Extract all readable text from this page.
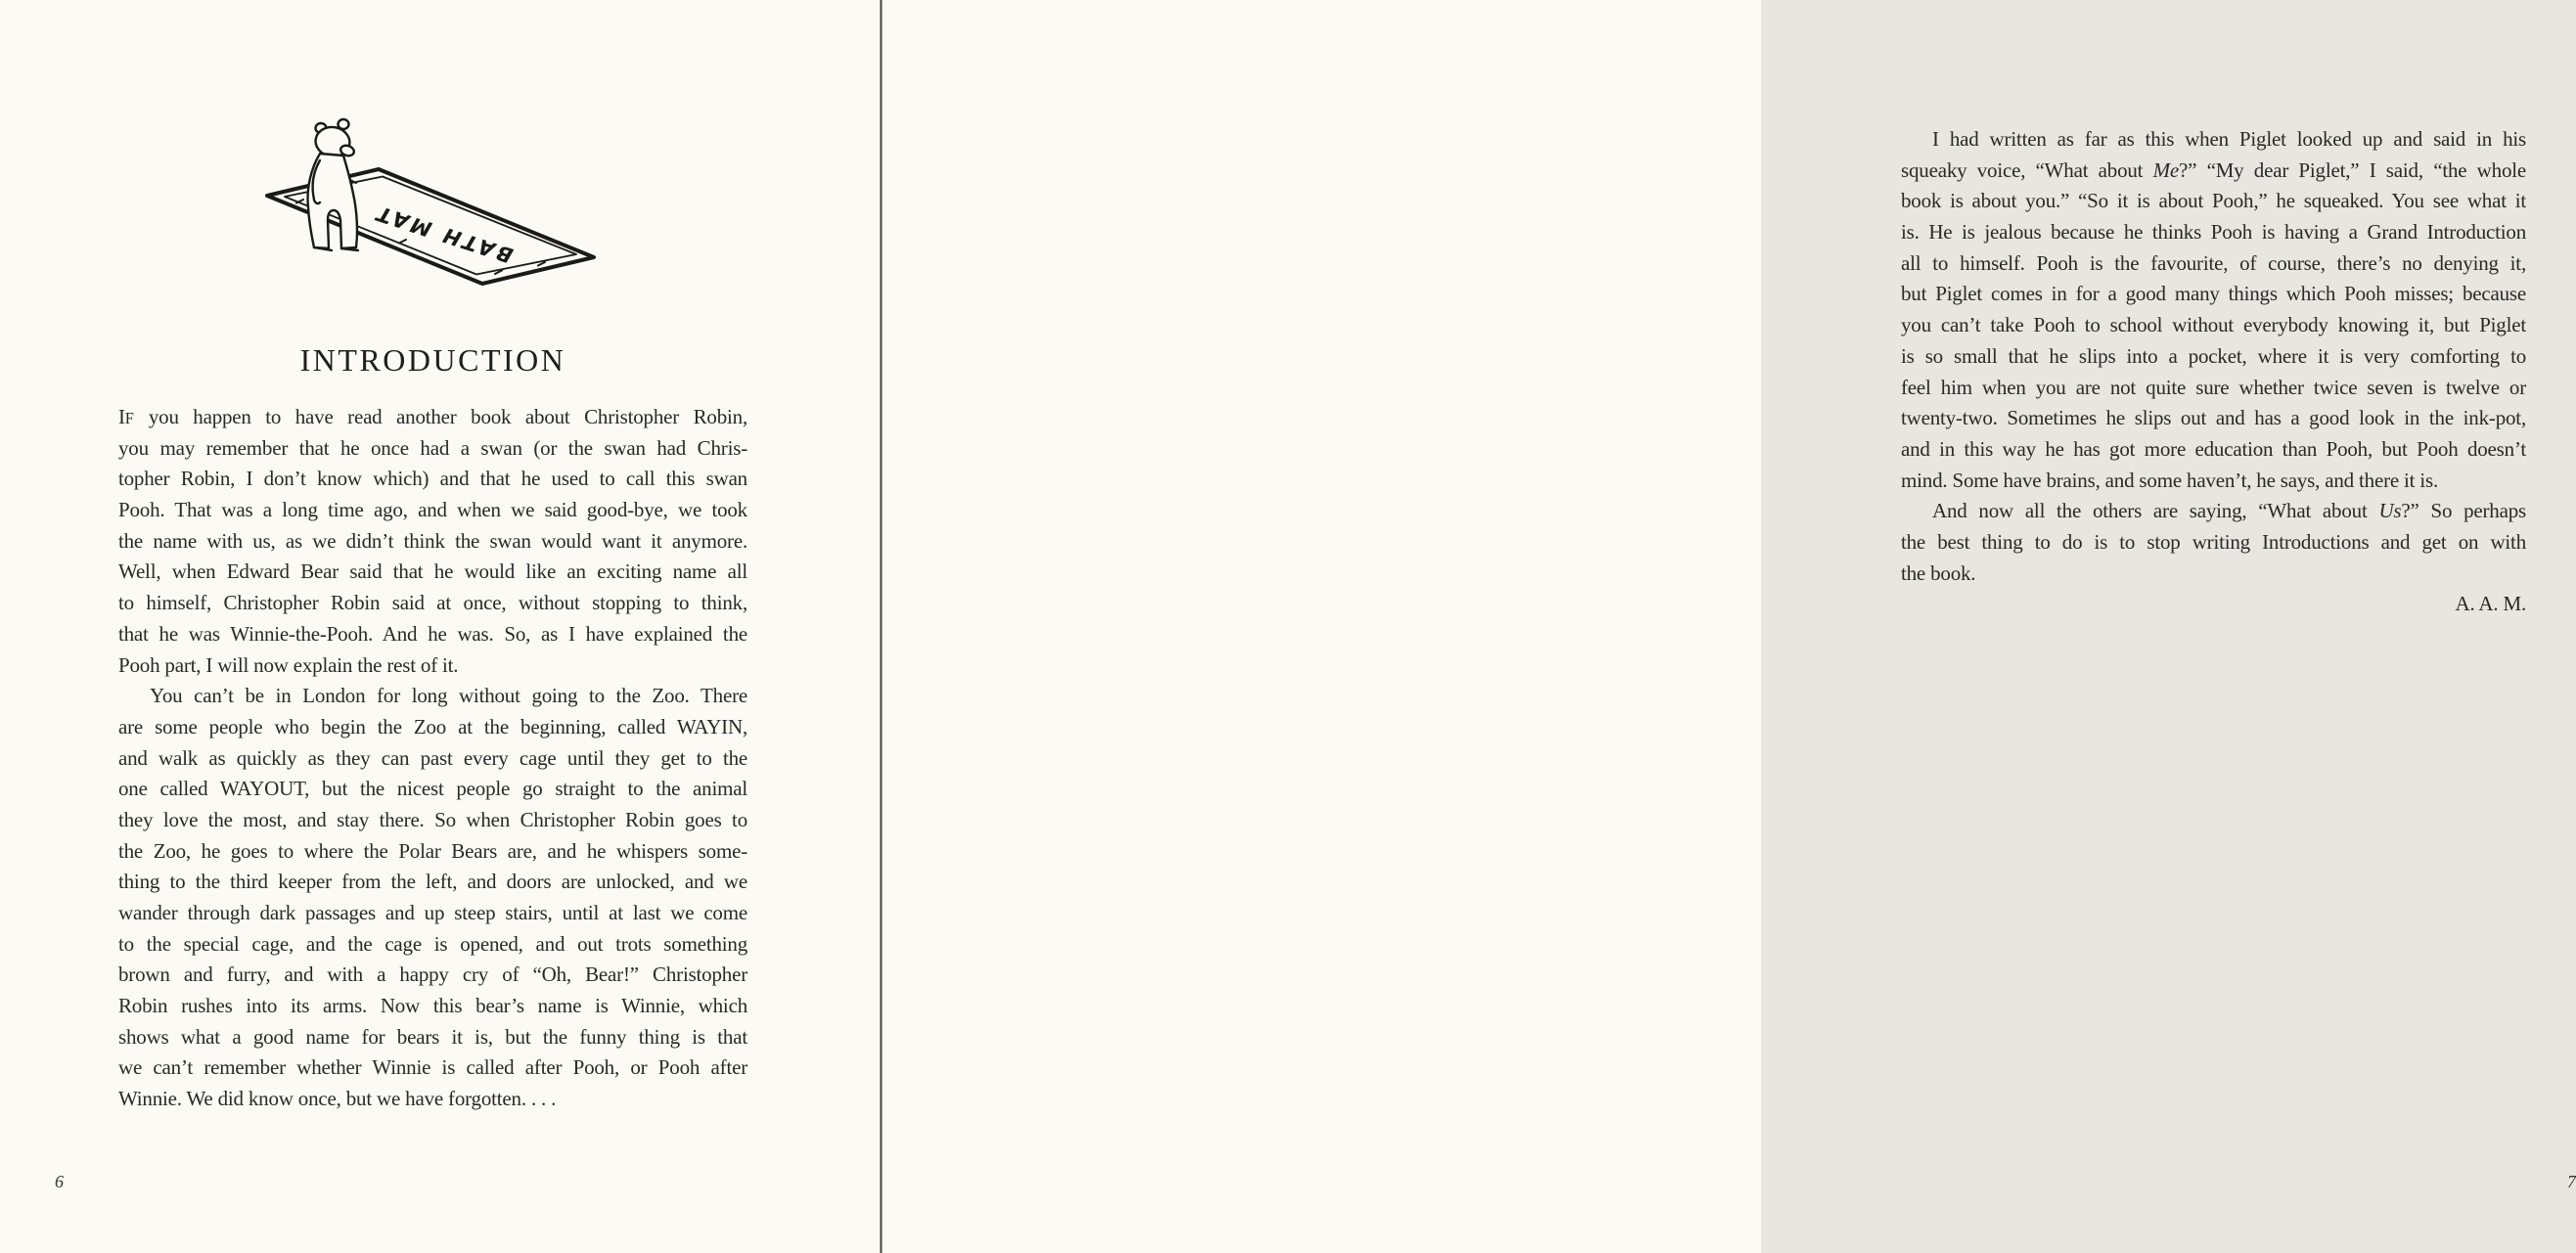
BATH MAT
INTRODUCTION
IF you happen to have read another book about Christopher Robin,
you may remember that he once had a swan (or the swan had Chris-
topher Robin, I don’t know which) and that he used to call this swan
Pooh. That was a long time ago, and when we said good-bye, we took
the name with us, as we didn’t think the swan would want it anymore.
Well, when Edward Bear said that he would like an exciting name all
to himself, Christopher Robin said at once, without stopping to think,
that he was Winnie-the-Pooh. And he was. So, as I have explained the
Pooh part, I will now explain the rest of it.
You can’t be in London for long without going to the Zoo. There
are some people who begin the Zoo at the beginning, called WAYIN,
and walk as quickly as they can past every cage until they get to the
one called WAYOUT, but the nicest people go straight to the animal
they love the most, and stay there. So when Christopher Robin goes to
the Zoo, he goes to where the Polar Bears are, and he whispers some-
thing to the third keeper from the left, and doors are unlocked, and we
wander through dark passages and up steep stairs, until at last we come
to the special cage, and the cage is opened, and out trots something
brown and furry, and with a happy cry of “Oh, Bear!” Christopher
Robin rushes into its arms. Now this bear’s name is Winnie, which
shows what a good name for bears it is, but the funny thing is that
we can’t remember whether Winnie is called after Pooh, or Pooh after
Winnie. We did know once, but we have forgotten. . . .
6
I had written as far as this when Piglet looked up and said in his
squeaky voice, “What about Me?” “My dear Piglet,” I said, “the whole
book is about you.” “So it is about Pooh,” he squeaked. You see what it
is. He is jealous because he thinks Pooh is having a Grand Introduction
all to himself. Pooh is the favourite, of course, there’s no denying it,
but Piglet comes in for a good many things which Pooh misses; because
you can’t take Pooh to school without everybody knowing it, but Piglet
is so small that he slips into a pocket, where it is very comforting to
feel him when you are not quite sure whether twice seven is twelve or
twenty-two. Sometimes he slips out and has a good look in the ink-pot,
and in this way he has got more education than Pooh, but Pooh doesn’t
mind. Some have brains, and some haven’t, he says, and there it is.
And now all the others are saying, “What about Us?” So perhaps
the best thing to do is to stop writing Introductions and get on with
the book.
A. A. M.
7
